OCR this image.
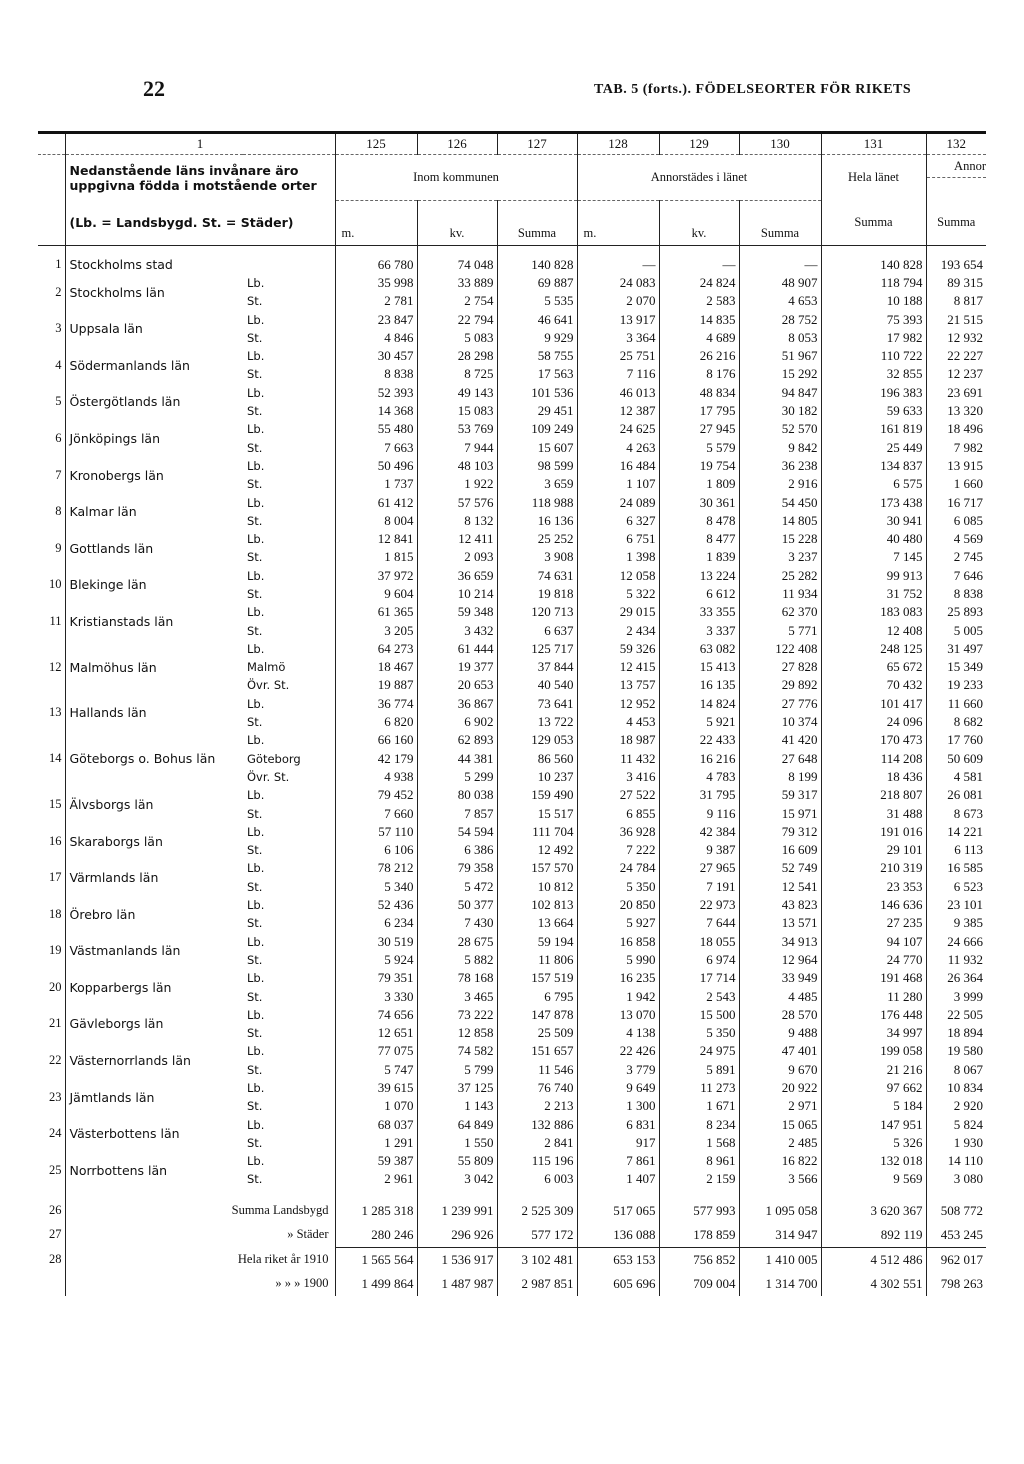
22	TAB. 5 (forts.). FÖDELSEORTER FÖR RIKETS
	1		125	126	127	128	129	130	131	132
	Nedanstående läns invånare äro		Inom kommunen			Annorstädes i länet			Hela länet	Annor
	uppgivna födda i motstående orter									
	(Lb. = Landsbygd. St. = Städer)								Summa	Summa
			m.	kv.	Summa	m.	kv.	Summa		

1	Stockholms stad		66 780	74 048	140 828	—	—	—	140 828	193 654
2	Stockholms län	Lb.	35 998	33 889	69 887	24 083	24 824	48 907	118 794	89 315
		St.	2 781	2 754	5 535	2 070	2 583	4 653	10 188	8 817
3	Uppsala län	Lb.	23 847	22 794	46 641	13 917	14 835	28 752	75 393	21 515
		St.	4 846	5 083	9 929	3 364	4 689	8 053	17 982	12 932
4	Södermanlands län	Lb.	30 457	28 298	58 755	25 751	26 216	51 967	110 722	22 227
		St.	8 838	8 725	17 563	7 116	8 176	15 292	32 855	12 237
5	Östergötlands län	Lb.	52 393	49 143	101 536	46 013	48 834	94 847	196 383	23 691
		St.	14 368	15 083	29 451	12 387	17 795	30 182	59 633	13 320
6	Jönköpings län	Lb.	55 480	53 769	109 249	24 625	27 945	52 570	161 819	18 496
		St.	7 663	7 944	15 607	4 263	5 579	9 842	25 449	7 982
7	Kronobergs län	Lb.	50 496	48 103	98 599	16 484	19 754	36 238	134 837	13 915
		St.	1 737	1 922	3 659	1 107	1 809	2 916	6 575	1 660
8	Kalmar län	Lb.	61 412	57 576	118 988	24 089	30 361	54 450	173 438	16 717
		St.	8 004	8 132	16 136	6 327	8 478	14 805	30 941	6 085
9	Gottlands län	Lb.	12 841	12 411	25 252	6 751	8 477	15 228	40 480	4 569
		St.	1 815	2 093	3 908	1 398	1 839	3 237	7 145	2 745
10	Blekinge län	Lb.	37 972	36 659	74 631	12 058	13 224	25 282	99 913	7 646
		St.	9 604	10 214	19 818	5 322	6 612	11 934	31 752	8 838
11	Kristianstads län	Lb.	61 365	59 348	120 713	29 015	33 355	62 370	183 083	25 893
		St.	3 205	3 432	6 637	2 434	3 337	5 771	12 408	5 005
12	Malmöhus län	Lb.	64 273	61 444	125 717	59 326	63 082	122 408	248 125	31 497
		Malmö	18 467	19 377	37 844	12 415	15 413	27 828	65 672	15 349
		Övr. St.	19 887	20 653	40 540	13 757	16 135	29 892	70 432	19 233
13	Hallands län	Lb.	36 774	36 867	73 641	12 952	14 824	27 776	101 417	11 660
		St.	6 820	6 902	13 722	4 453	5 921	10 374	24 096	8 682
14	Göteborgs o. Bohus län	Lb.	66 160	62 893	129 053	18 987	22 433	41 420	170 473	17 760
		Göteborg	42 179	44 381	86 560	11 432	16 216	27 648	114 208	50 609
		Övr. St.	4 938	5 299	10 237	3 416	4 783	8 199	18 436	4 581
15	Älvsborgs län	Lb.	79 452	80 038	159 490	27 522	31 795	59 317	218 807	26 081
		St.	7 660	7 857	15 517	6 855	9 116	15 971	31 488	8 673
16	Skaraborgs län	Lb.	57 110	54 594	111 704	36 928	42 384	79 312	191 016	14 221
		St.	6 106	6 386	12 492	7 222	9 387	16 609	29 101	6 113
17	Värmlands län	Lb.	78 212	79 358	157 570	24 784	27 965	52 749	210 319	16 585
		St.	5 340	5 472	10 812	5 350	7 191	12 541	23 353	6 523
18	Örebro län	Lb.	52 436	50 377	102 813	20 850	22 973	43 823	146 636	23 101
		St.	6 234	7 430	13 664	5 927	7 644	13 571	27 235	9 385
19	Västmanlands län	Lb.	30 519	28 675	59 194	16 858	18 055	34 913	94 107	24 666
		St.	5 924	5 882	11 806	5 990	6 974	12 964	24 770	11 932
20	Kopparbergs län	Lb.	79 351	78 168	157 519	16 235	17 714	33 949	191 468	26 364
		St.	3 330	3 465	6 795	1 942	2 543	4 485	11 280	3 999
21	Gävleborgs län	Lb.	74 656	73 222	147 878	13 070	15 500	28 570	176 448	22 505
		St.	12 651	12 858	25 509	4 138	5 350	9 488	34 997	18 894
22	Västernorrlands län	Lb.	77 075	74 582	151 657	22 426	24 975	47 401	199 058	19 580
		St.	5 747	5 799	11 546	3 779	5 891	9 670	21 216	8 067
23	Jämtlands län	Lb.	39 615	37 125	76 740	9 649	11 273	20 922	97 662	10 834
		St.	1 070	1 143	2 213	1 300	1 671	2 971	5 184	2 920
24	Västerbottens län	Lb.	68 037	64 849	132 886	6 831	8 234	15 065	147 951	5 824
		St.	1 291	1 550	2 841	917	1 568	2 485	5 326	1 930
25	Norrbottens län	Lb.	59 387	55 809	115 196	7 861	8 961	16 822	132 018	14 110
		St.	2 961	3 042	6 003	1 407	2 159	3 566	9 569	3 080

26	Summa Landsbygd		1 285 318	1 239 991	2 525 309	517 065	577 993	1 095 058	3 620 367	508 772
27	» Städer		280 246	296 926	577 172	136 088	178 859	314 947	892 119	453 245
28	Hela riket år 1910		1 565 564	1 536 917	3 102 481	653 153	756 852	1 410 005	4 512 486	962 017
	» » » 1900		1 499 864	1 487 987	2 987 851	605 696	709 004	1 314 700	4 302 551	798 263
